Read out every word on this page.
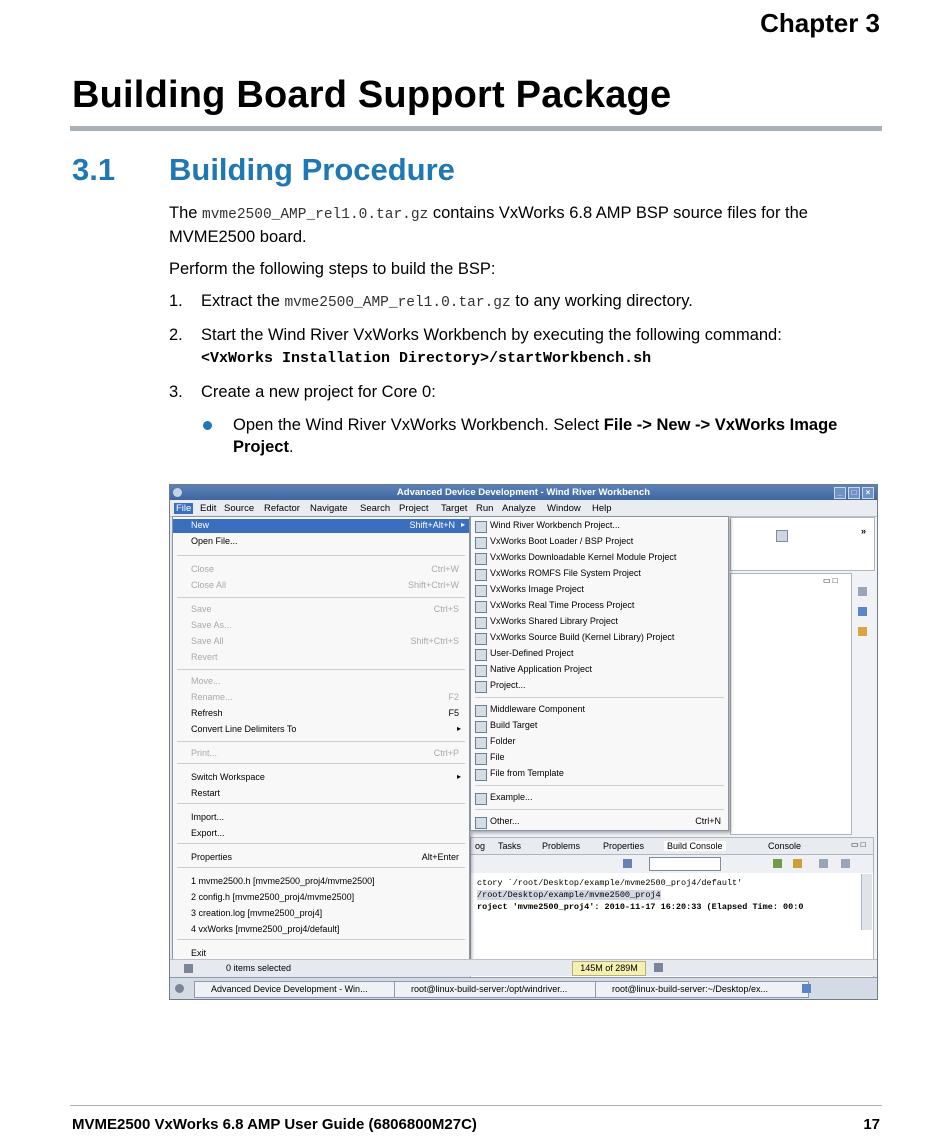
Chapter 3
Building Board Support Package
3.1 Building Procedure
The mvme2500_AMP_rel1.0.tar.gz contains VxWorks 6.8 AMP BSP source files for the MVME2500 board.
Perform the following steps to build the BSP:
1. Extract the mvme2500_AMP_rel1.0.tar.gz to any working directory.
2. Start the Wind River VxWorks Workbench by executing the following command:
<VxWorks Installation Directory>/startWorkbench.sh
3. Create a new project for Core 0:
Open the Wind River VxWorks Workbench. Select File -> New -> VxWorks Image Project.
Advanced Device Development - Wind River Workbench	_	□	×
File Edit Source Refactor Navigate Search Project Target Run Analyze Window Help
»
▭ □
og Tasks Problems	Properties	Build Console	Console	▭ □
ctory `/root/Desktop/example/mvme2500_proj4/default'
/root/Desktop/example/mvme2500_proj4
roject 'mvme2500_proj4': 2010-11-17 16:20:33 (Elapsed Time: 00:0
New	Shift+Alt+N ▸
Open File...
Close	Ctrl+W
Close All	Shift+Ctrl+W
Save	Ctrl+S
Save As...
Save All	Shift+Ctrl+S
Revert
Move...
Rename...	F2
Refresh	F5
Convert Line Delimiters To	▸
Print...	Ctrl+P
Switch Workspace	▸
Restart
Import...
Export...
Properties	Alt+Enter
1 mvme2500.h [mvme2500_proj4/mvme2500]
2 config.h [mvme2500_proj4/mvme2500]
3 creation.log [mvme2500_proj4]
4 vxWorks [mvme2500_proj4/default]
Exit
Wind River Workbench Project...
VxWorks Boot Loader / BSP Project
VxWorks Downloadable Kernel Module Project
VxWorks ROMFS File System Project
VxWorks Image Project
VxWorks Real Time Process Project
VxWorks Shared Library Project
VxWorks Source Build (Kernel Library) Project
User-Defined Project
Native Application Project
Project...
Middleware Component
Build Target
Folder
File
File from Template
Example...
Other...	Ctrl+N
0 items selected	145M of 289M
Advanced Device Development - Win...	root@linux-build-server:/opt/windriver...	root@linux-build-server:~/Desktop/ex...
MVME2500 VxWorks 6.8 AMP User Guide (6806800M27C)	17
